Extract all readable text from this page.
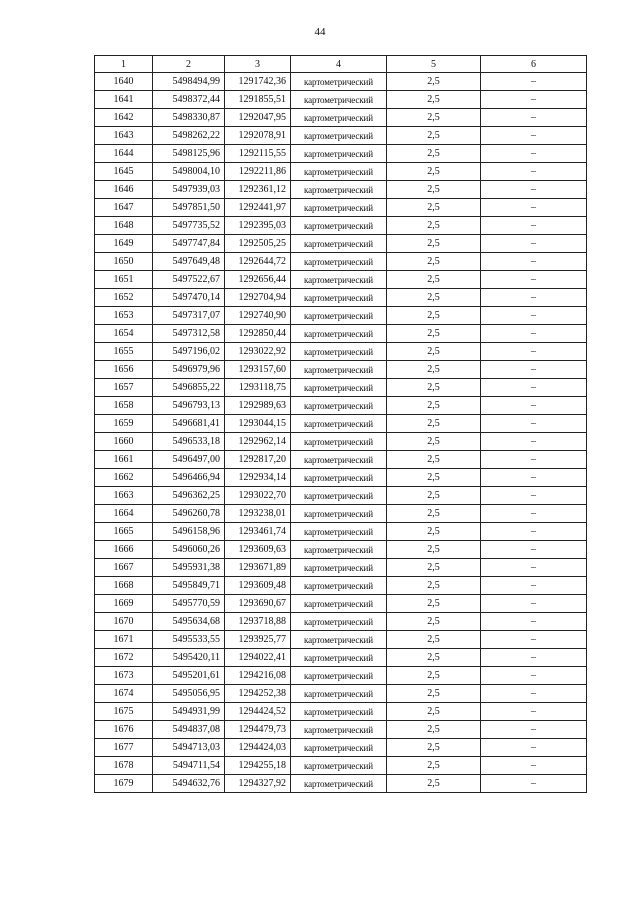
44
1	2	3	4	5	6
1640	5498494,99	1291742,36	картометрический	2,5	–
1641	5498372,44	1291855,51	картометрический	2,5	–
1642	5498330,87	1292047,95	картометрический	2,5	–
1643	5498262,22	1292078,91	картометрический	2,5	–
1644	5498125,96	1292115,55	картометрический	2,5	–
1645	5498004,10	1292211,86	картометрический	2,5	–
1646	5497939,03	1292361,12	картометрический	2,5	–
1647	5497851,50	1292441,97	картометрический	2,5	–
1648	5497735,52	1292395,03	картометрический	2,5	–
1649	5497747,84	1292505,25	картометрический	2,5	–
1650	5497649,48	1292644,72	картометрический	2,5	–
1651	5497522,67	1292656,44	картометрический	2,5	–
1652	5497470,14	1292704,94	картометрический	2,5	–
1653	5497317,07	1292740,90	картометрический	2,5	–
1654	5497312,58	1292850,44	картометрический	2,5	–
1655	5497196,02	1293022,92	картометрический	2,5	–
1656	5496979,96	1293157,60	картометрический	2,5	–
1657	5496855,22	1293118,75	картометрический	2,5	–
1658	5496793,13	1292989,63	картометрический	2,5	–
1659	5496681,41	1293044,15	картометрический	2,5	–
1660	5496533,18	1292962,14	картометрический	2,5	–
1661	5496497,00	1292817,20	картометрический	2,5	–
1662	5496466,94	1292934,14	картометрический	2,5	–
1663	5496362,25	1293022,70	картометрический	2,5	–
1664	5496260,78	1293238,01	картометрический	2,5	–
1665	5496158,96	1293461,74	картометрический	2,5	–
1666	5496060,26	1293609,63	картометрический	2,5	–
1667	5495931,38	1293671,89	картометрический	2,5	–
1668	5495849,71	1293609,48	картометрический	2,5	–
1669	5495770,59	1293690,67	картометрический	2,5	–
1670	5495634,68	1293718,88	картометрический	2,5	–
1671	5495533,55	1293925,77	картометрический	2,5	–
1672	5495420,11	1294022,41	картометрический	2,5	–
1673	5495201,61	1294216,08	картометрический	2,5	–
1674	5495056,95	1294252,38	картометрический	2,5	–
1675	5494931,99	1294424,52	картометрический	2,5	–
1676	5494837,08	1294479,73	картометрический	2,5	–
1677	5494713,03	1294424,03	картометрический	2,5	–
1678	5494711,54	1294255,18	картометрический	2,5	–
1679	5494632,76	1294327,92	картометрический	2,5	–
